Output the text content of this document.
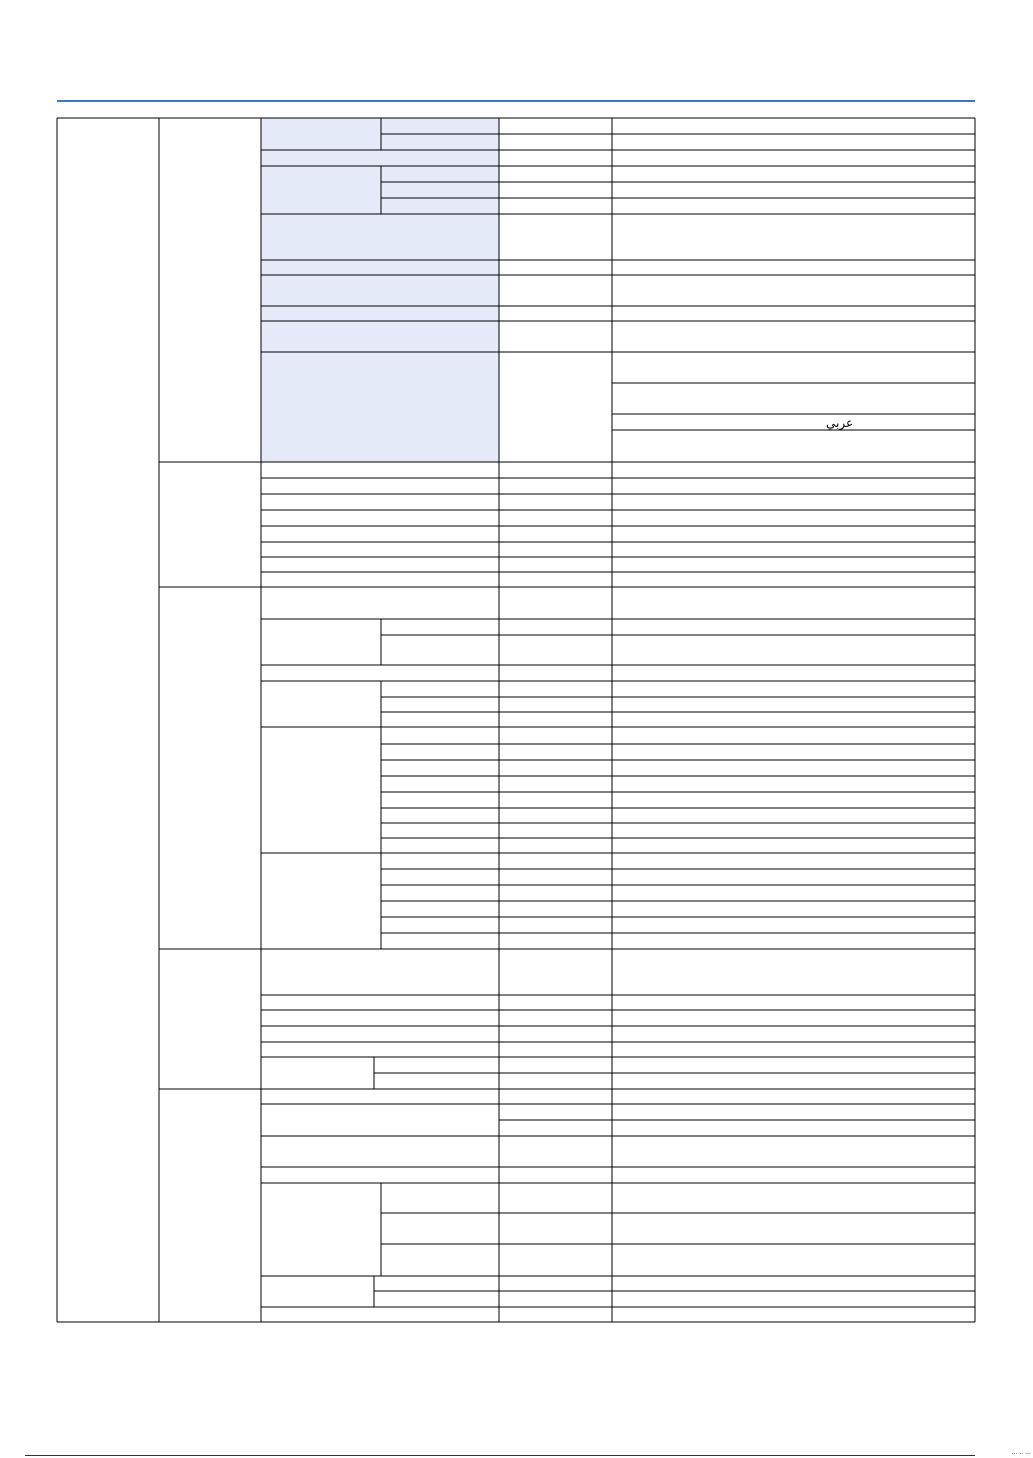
عربي
... .. ...
